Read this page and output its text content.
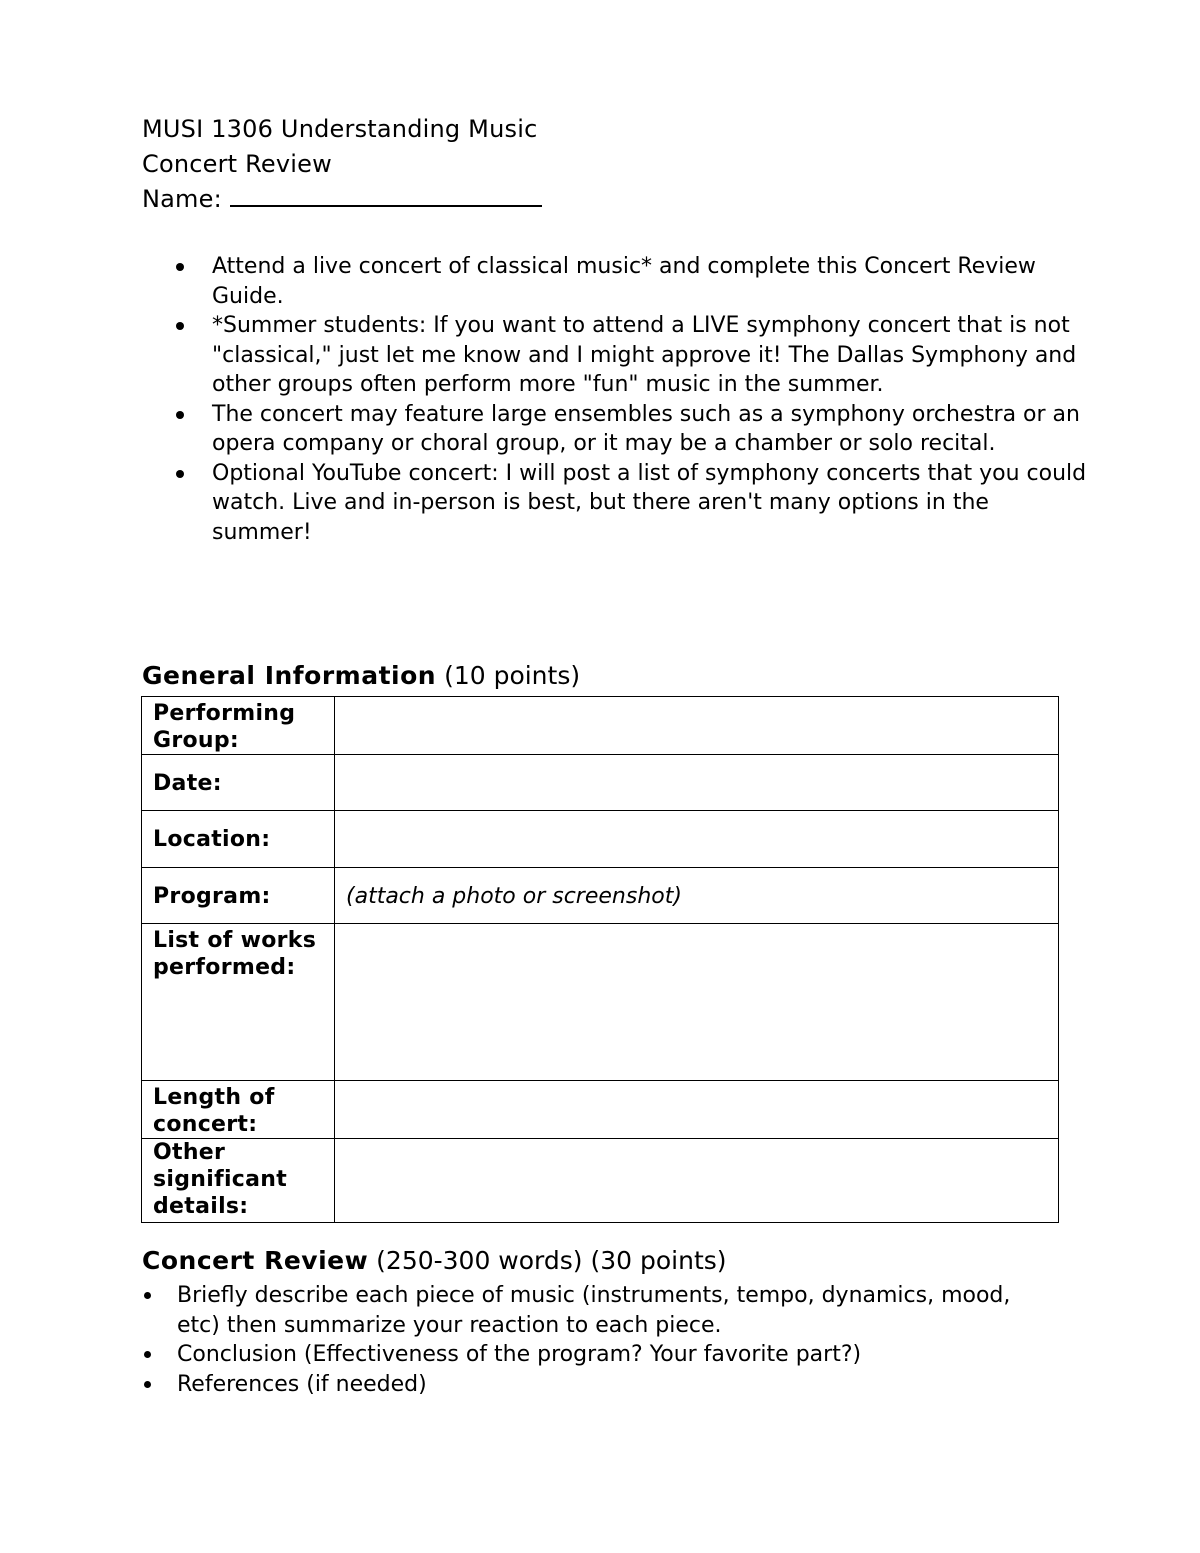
MUSI 1306 Understanding Music
Concert Review
Name:
Attend a live concert of classical music* and complete this Concert Review Guide.
*Summer students: If you want to attend a LIVE symphony concert that is not "classical," just let me know and I might approve it! The Dallas Symphony and other groups often perform more "fun" music in the summer.
The concert may feature large ensembles such as a symphony orchestra or an opera company or choral group, or it may be a chamber or solo recital.
Optional YouTube concert: I will post a list of symphony concerts that you could watch. Live and in-person is best, but there aren't many options in the summer!
General Information (10 points)
Performing Group:	
Date:	
Location:	
Program:	(attach a photo or screenshot)
List of works performed:	
Length of concert:	
Other significant details:	
Concert Review (250-300 words) (30 points)
Briefly describe each piece of music (instruments, tempo, dynamics, mood, etc) then summarize your reaction to each piece.
Conclusion (Effectiveness of the program? Your favorite part?)
References (if needed)
